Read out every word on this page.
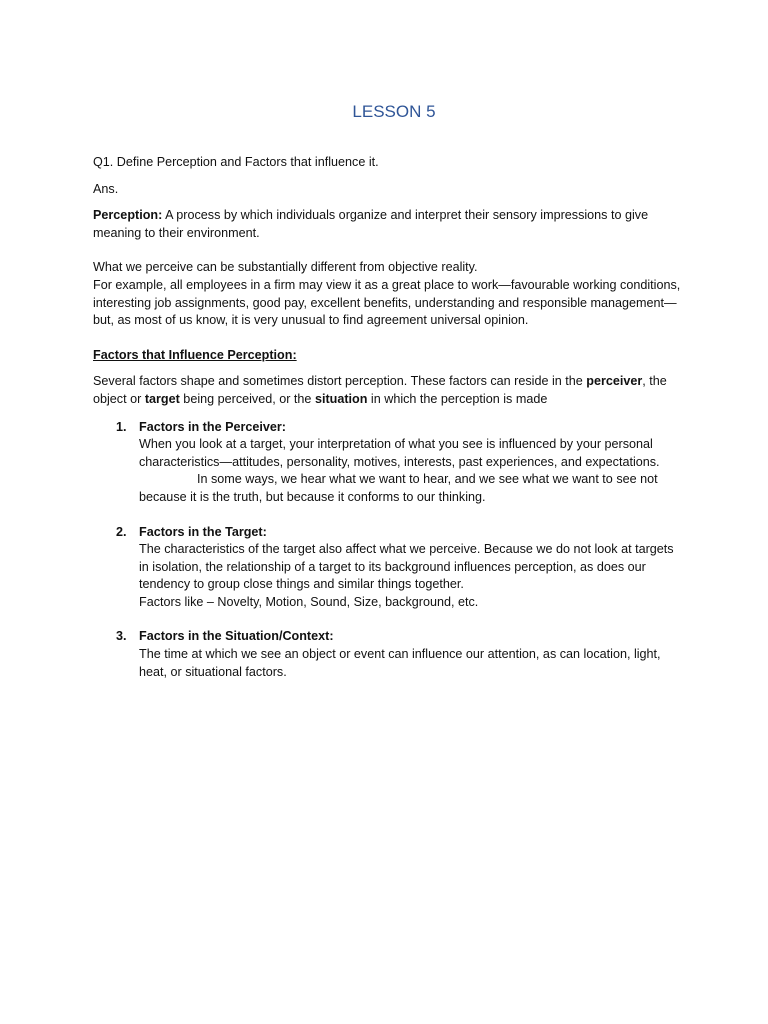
LESSON 5

Q1. Define Perception and Factors that influence it.

Ans.

Perception: A process by which individuals organize and interpret their sensory impressions to give meaning to their environment.

What we perceive can be substantially different from objective reality.

For example, all employees in a firm may view it as a great place to work—favourable working conditions, interesting job assignments, good pay, excellent benefits, understanding and responsible management—but, as most of us know, it is very unusual to find agreement universal opinion.

Factors that Influence Perception:

Several factors shape and sometimes distort perception. These factors can reside in the perceiver, the object or target being perceived, or the situation in which the perception is made

1. Factors in the Perceiver:
When you look at a target, your interpretation of what you see is influenced by your personal characteristics—attitudes, personality, motives, interests, past experiences, and expectations.
In some ways, we hear what we want to hear, and we see what we want to see not because it is the truth, but because it conforms to our thinking.
2. Factors in the Target:
The characteristics of the target also affect what we perceive. Because we do not look at targets in isolation, the relationship of a target to its background influences perception, as does our tendency to group close things and similar things together.
Factors like – Novelty, Motion, Sound, Size, background, etc.
3. Factors in the Situation/Context:
The time at which we see an object or event can influence our attention, as can location, light, heat, or situational factors.
